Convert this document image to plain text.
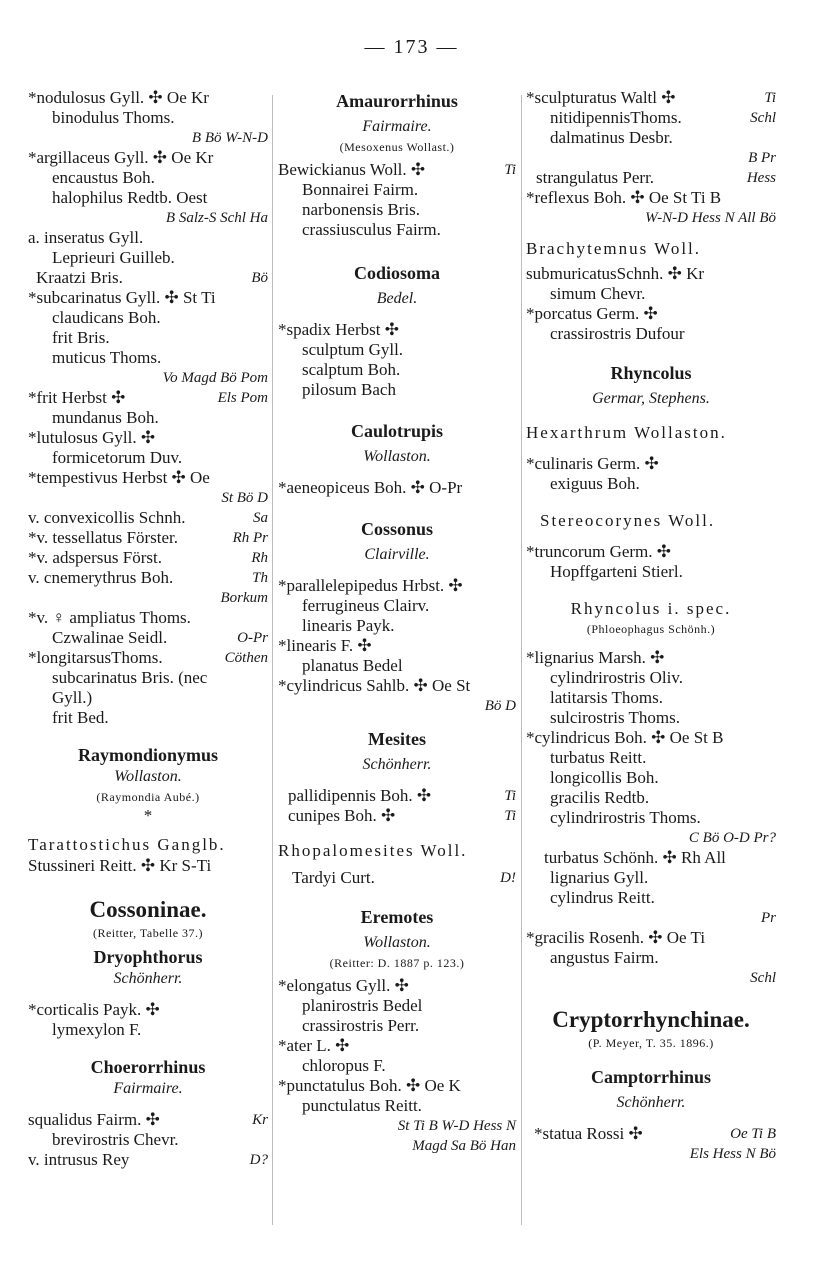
— 173 —
*nodulosus Gyll. ✣ Oe Kr
binodulus Thoms.
B Bö W-N-D
*argillaceus Gyll. ✣ Oe Kr
encaustus Boh.
halophilus Redtb. Oest
B Salz-S Schl Ha
a. inseratus Gyll.
Leprieuri Guilleb.
Kraatzi Bris.	Bö
*subcarinatus Gyll. ✣ St Ti
claudicans Boh.
frit Bris.
muticus Thoms.
Vo Magd Bö Pom
*frit Herbst ✣	Els Pom
mundanus Boh.
*lutulosus Gyll. ✣
formicetorum Duv.
*tempestivus Herbst ✣ Oe
St Bö D
v. convexicollis Schnh.	Sa
*v. tessellatus Förster.	Rh Pr
*v. adspersus Först.	Rh
v. cnemerythrus Boh.	Th
Borkum
*v. ♀ ampliatus Thoms.
Czwalinae Seidl.	O-Pr
*longitarsusThoms.	Cöthen
subcarinatus Bris. (nec
Gyll.)
frit Bed.
Raymondionymus
Wollaston.
(Raymondia Aubé.)
*
Tarattostichus Ganglb.
Stussineri Reitt. ✣ Kr S-Ti
Cossoninae.
(Reitter, Tabelle 37.)
Dryophthorus
Schönherr.
*corticalis Payk. ✣
lymexylon F.
Choerorrhinus
Fairmaire.
squalidus Fairm. ✣	Kr
brevirostris Chevr.
v. intrusus Rey	D?
Amaurorrhinus
Fairmaire.
(Mesoxenus Wollast.)
Bewickianus Woll. ✣	Ti
Bonnairei Fairm.
narbonensis Bris.
crassiusculus Fairm.
Codiosoma
Bedel.
*spadix Herbst ✣
sculptum Gyll.
scalptum Boh.
pilosum Bach
Caulotrupis
Wollaston.
*aeneopiceus Boh. ✣ O-Pr
Cossonus
Clairville.
*parallelepipedus Hrbst. ✣
ferrugineus Clairv.
linearis Payk.
*linearis F. ✣
planatus Bedel
*cylindricus Sahlb. ✣ Oe St
Bö D
Mesites
Schönherr.
pallidipennis Boh. ✣	Ti
cunipes Boh. ✣	Ti
Rhopalomesites Woll.
Tardyi Curt.	D!
Eremotes
Wollaston.
(Reitter: D. 1887 p. 123.)
*elongatus Gyll. ✣
planirostris Bedel
crassirostris Perr.
*ater L. ✣
chloropus F.
*punctatulus Boh. ✣ Oe K
punctulatus Reitt.
St Ti B W-D Hess N
Magd Sa Bö Han
*sculpturatus Waltl ✣	Ti
nitidipennisThoms.	Schl
dalmatinus Desbr.
B Pr
strangulatus Perr.	Hess
*reflexus Boh. ✣ Oe St Ti B
W-N-D Hess N All Bö
Brachytemnus Woll.
submuricatusSchnh. ✣ Kr
simum Chevr.
*porcatus Germ. ✣
crassirostris Dufour
Rhyncolus
Germar, Stephens.
Hexarthrum Wollaston.
*culinaris Germ. ✣
exiguus Boh.
Stereocorynes Woll.
*truncorum Germ. ✣
Hopffgarteni Stierl.
Rhyncolus i. spec.
(Phloeophagus Schönh.)
*lignarius Marsh. ✣
cylindrirostris Oliv.
latitarsis Thoms.
sulcirostris Thoms.
*cylindricus Boh. ✣ Oe St B
turbatus Reitt.
longicollis Boh.
gracilis Redtb.
cylindrirostris Thoms.
C Bö O-D Pr?
turbatus Schönh. ✣ Rh All
lignarius Gyll.
cylindrus Reitt.
Pr
*gracilis Rosenh. ✣ Oe Ti
angustus Fairm.
Schl
Cryptorrhynchinae.
(P. Meyer, T. 35. 1896.)
Camptorrhinus
Schönherr.
*statua Rossi ✣	Oe Ti B
Els Hess N Bö
